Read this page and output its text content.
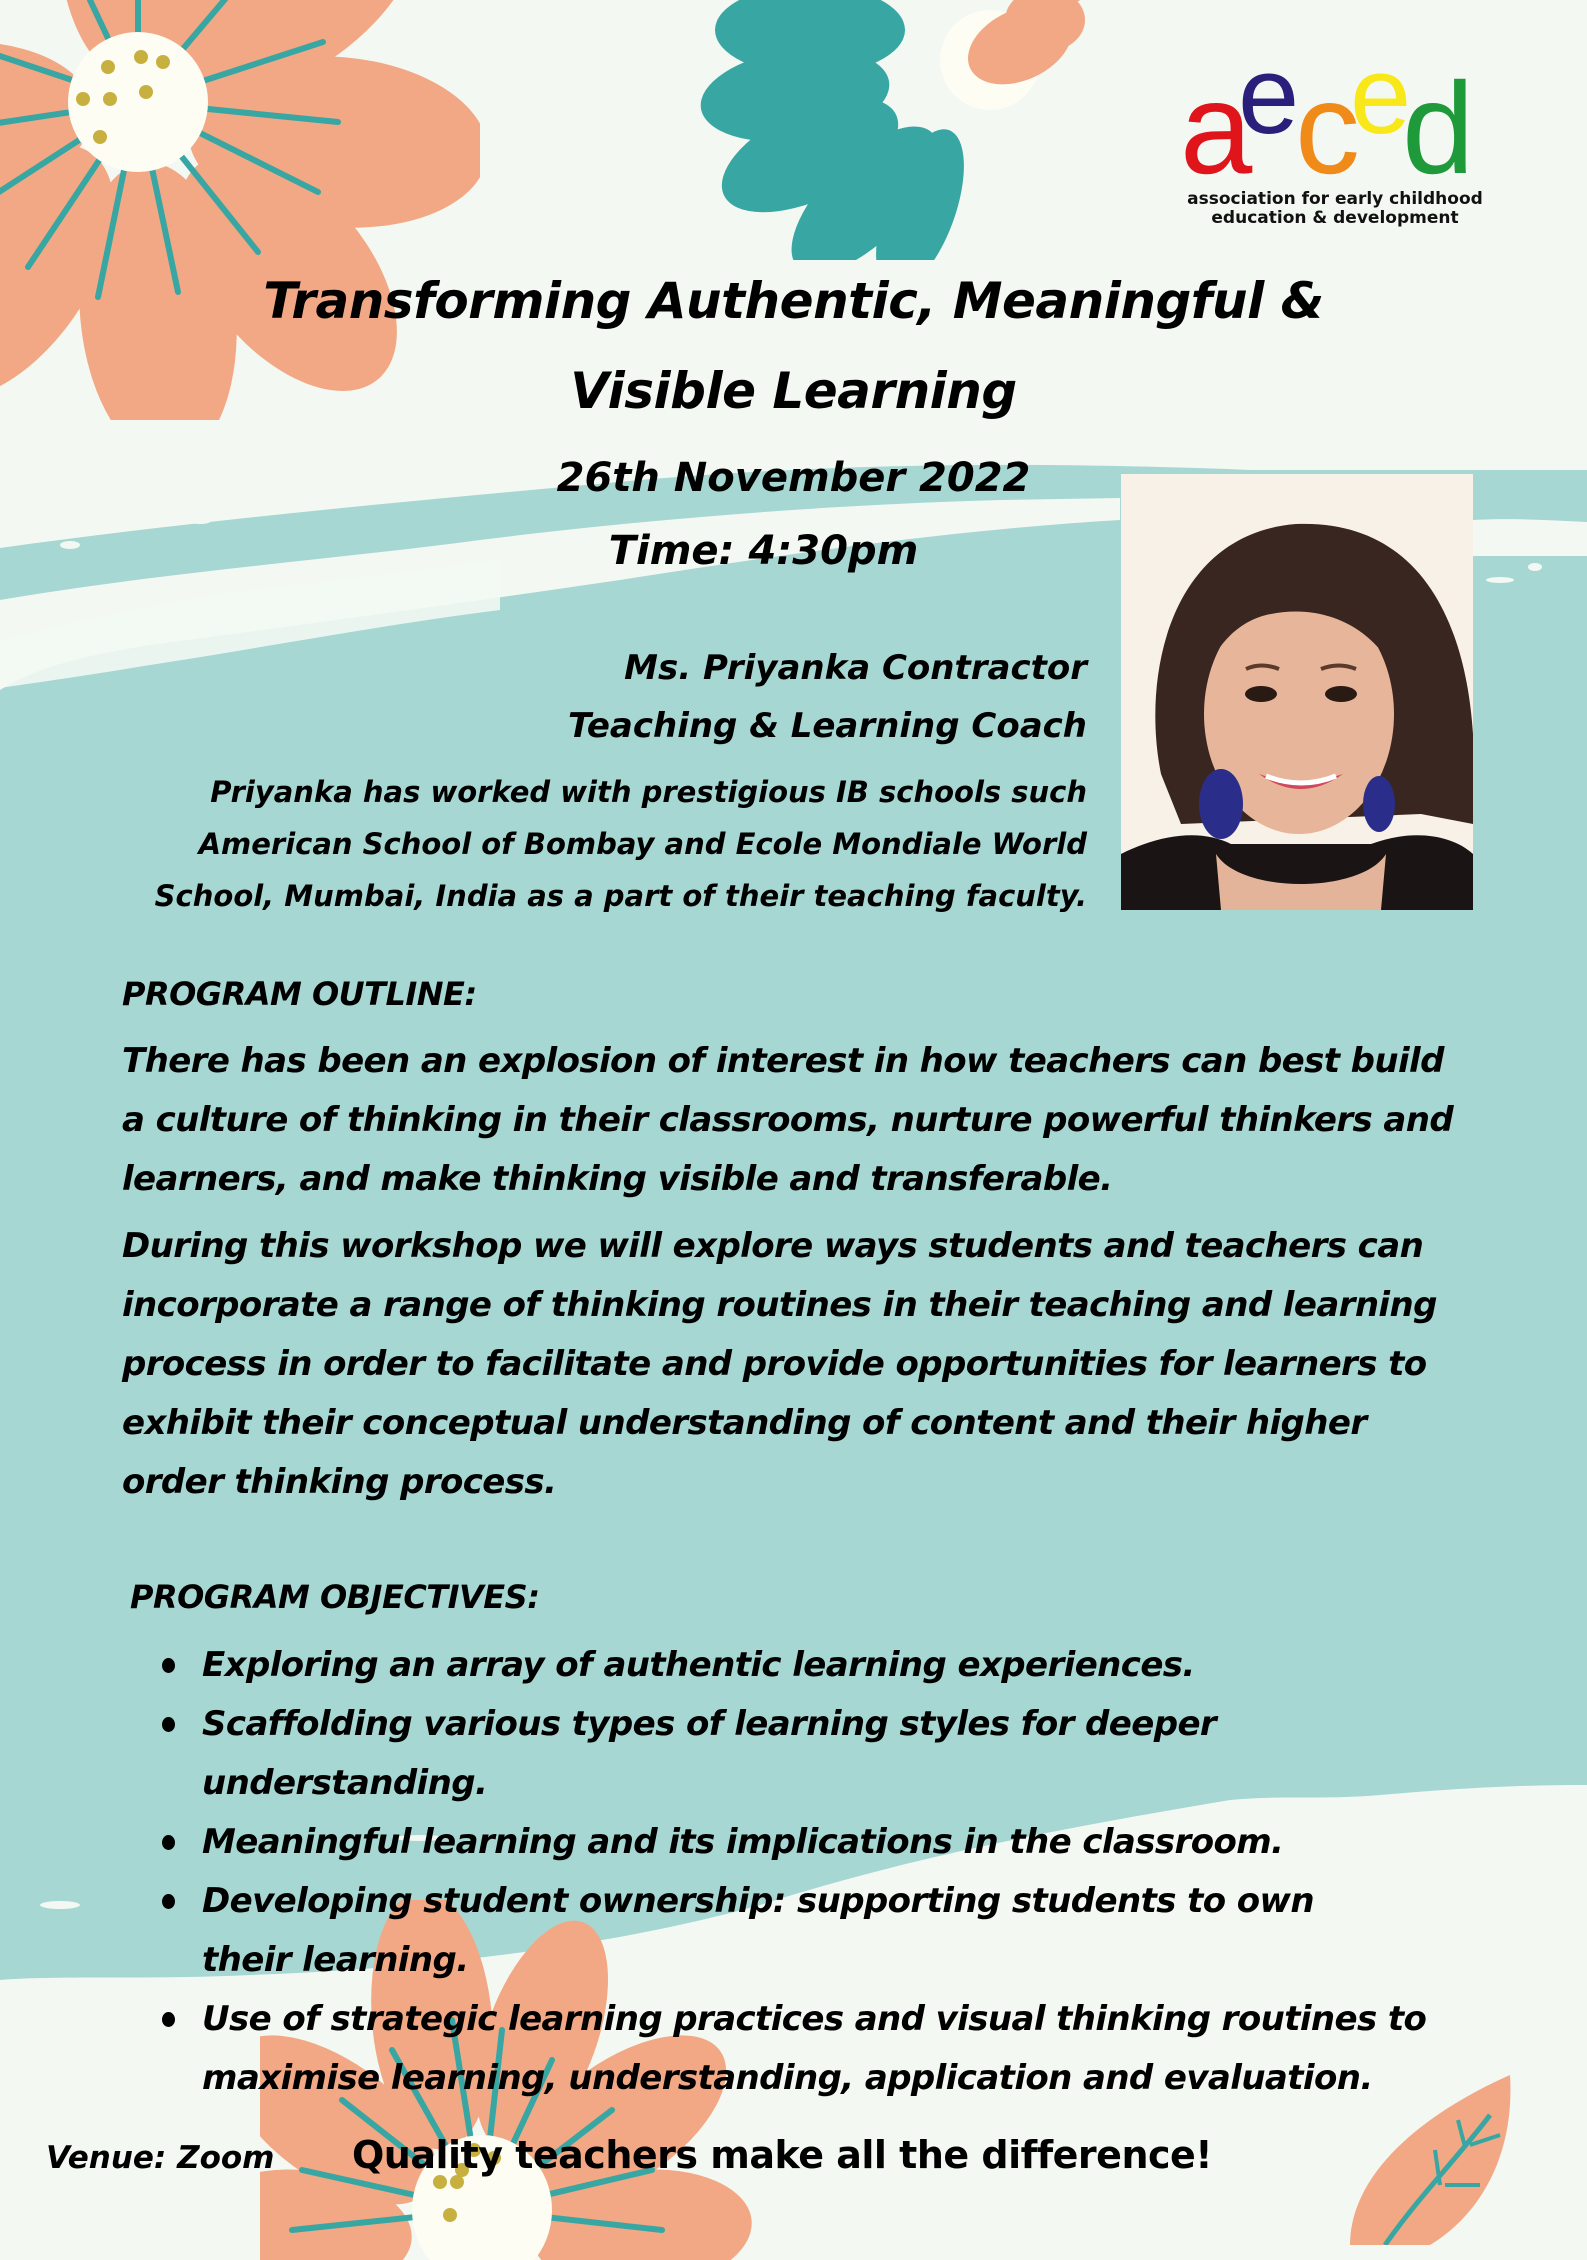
a
e
c
e
d
association for early childhood
education & development
Transforming Authentic, Meaningful &
Visible Learning
26th November 2022
Time: 4:30pm
Ms. Priyanka Contractor
Teaching & Learning Coach
Priyanka has worked with prestigious IB schools such
American School of Bombay and Ecole Mondiale World
School, Mumbai, India as a part of their teaching faculty.
PROGRAM OUTLINE:

There has been an explosion of interest in how teachers can best build a culture of thinking in their classrooms, nurture powerful thinkers and learners, and make thinking visible and transferable.

During this workshop we will explore ways students and teachers can incorporate a range of thinking routines in their teaching and learning process in order to facilitate and provide opportunities for learners to exhibit their conceptual understanding of content and their higher order thinking process.

PROGRAM OBJECTIVES:
Exploring an array of authentic learning experiences.
Scaffolding various types of learning styles for deeper understanding.
Meaningful learning and its implications in the classroom.
Developing student ownership: supporting students to own their learning.
Use of strategic learning practices and visual thinking routines to maximise learning, understanding, application and evaluation.
Venue: Zoom Quality teachers make all the difference!
